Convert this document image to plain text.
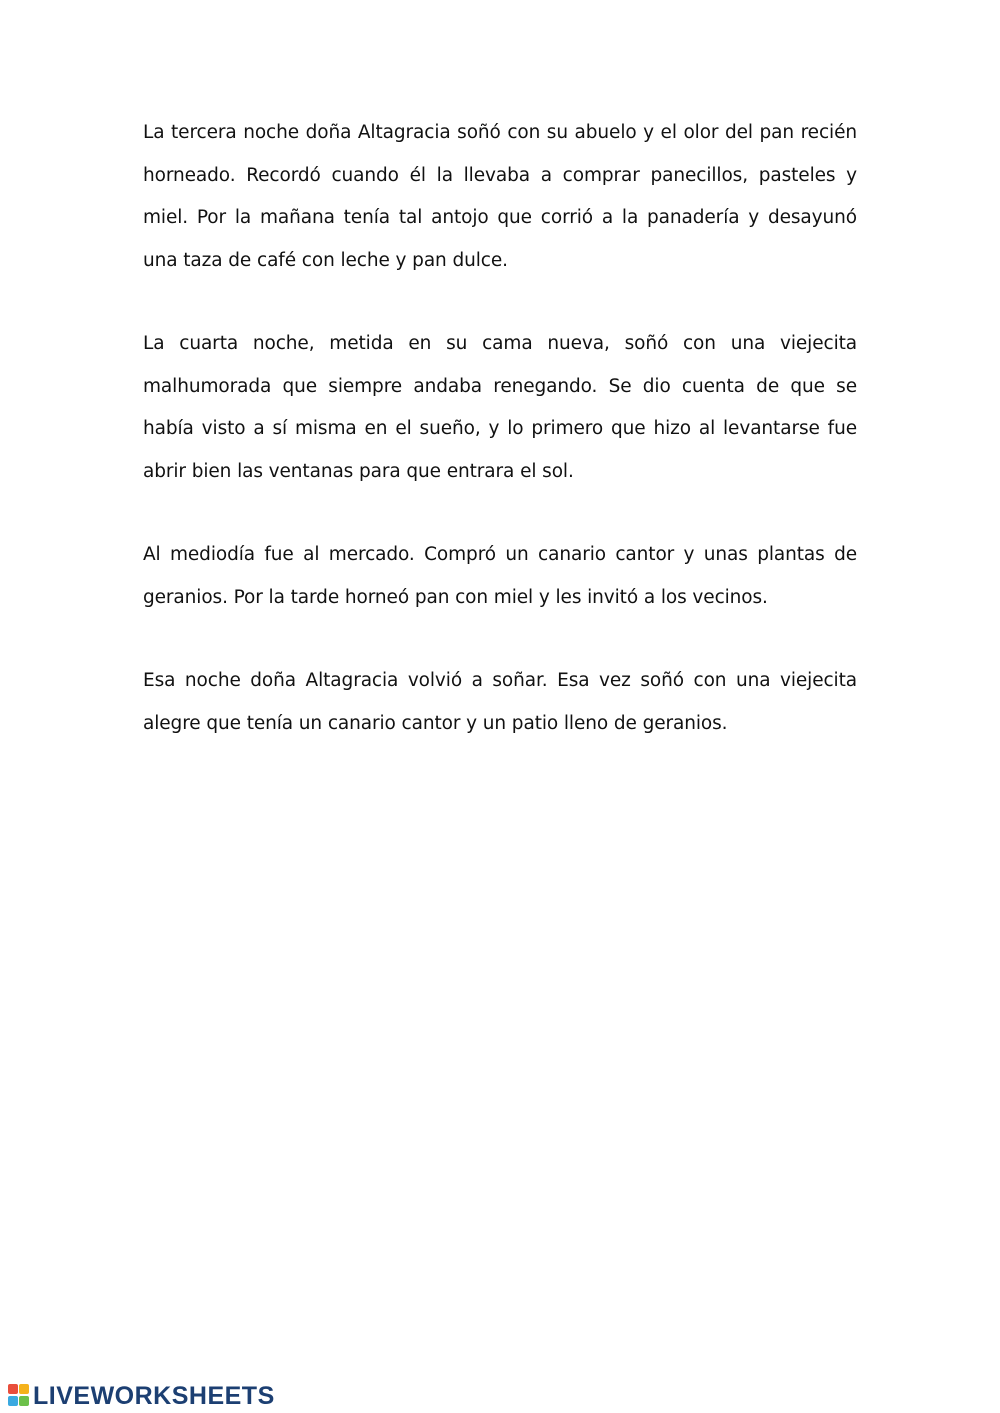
La tercera noche doña Altagracia soñó con su abuelo y el olor del pan recién horneado. Recordó cuando él la llevaba a comprar panecillos, pasteles y miel. Por la mañana tenía tal antojo que corrió a la panadería y desayunó una taza de café con leche y pan dulce.

La cuarta noche, metida en su cama nueva, soñó con una viejecita malhumorada que siempre andaba renegando. Se dio cuenta de que se había visto a sí misma en el sueño, y lo primero que hizo al levantarse fue abrir bien las ventanas para que entrara el sol.

Al mediodía fue al mercado. Compró un canario cantor y unas plantas de geranios. Por la tarde horneó pan con miel y les invitó a los vecinos.

Esa noche doña Altagracia volvió a soñar. Esa vez soñó con una viejecita alegre que tenía un canario cantor y un patio lleno de geranios.

LIVEWORKSHEETS
